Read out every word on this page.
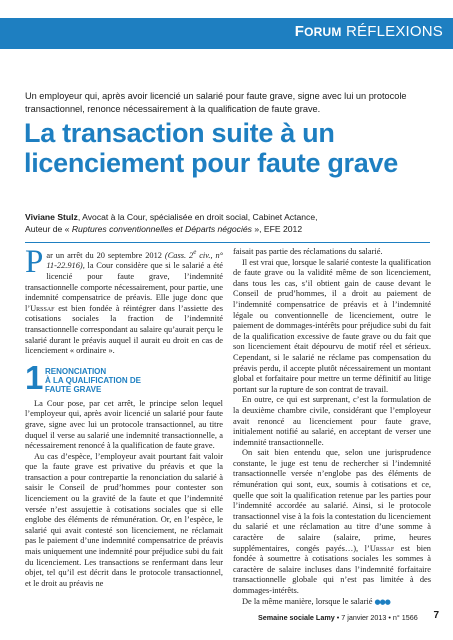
FORUM RÉFLEXIONS
Un employeur qui, après avoir licencié un salarié pour faute grave, signe avec lui un protocole transactionnel, renonce nécessairement à la qualification de faute grave.
La transaction suite à un licenciement pour faute grave
Viviane Stulz, Avocat à la Cour, spécialisée en droit social, Cabinet Actance,
Auteur de « Ruptures conventionnelles et Départs négociés », EFE 2012

Par un arrêt du 20 septembre 2012 (Cass. 2e civ., n° 11-22.916), la Cour considère que si le salarié a été licencié pour faute grave, l’indemnité transactionnelle comporte nécessairement, pour partie, une indemnité compensatrice de préavis. Elle juge donc que l’Urssaf est bien fondée à réintégrer dans l’assiette des cotisations sociales la fraction de l’indemnité transactionnelle correspondant au salaire qu’aurait perçu le salarié durant le préavis auquel il aurait eu droit en cas de licenciement « ordinaire ».

1 RENONCIATION
À LA QUALIFICATION DE
FAUTE GRAVE

La Cour pose, par cet arrêt, le principe selon lequel l’employeur qui, après avoir licencié un salarié pour faute grave, signe avec lui un protocole transactionnel, au titre duquel il verse au salarié une indemnité transactionnelle, a nécessairement renoncé à la qualification de faute grave.

Au cas d’espèce, l’employeur avait pourtant fait valoir que la faute grave est privative du préavis et que la transaction a pour contrepartie la renonciation du salarié à saisir le Conseil de prud’hommes pour contester son licenciement ou la gravité de la faute et que l’indemnité versée n’est assujettie à cotisations sociales que si elle englobe des éléments de rémunération. Or, en l’espèce, le salarié qui avait contesté son licenciement, ne réclamait pas le paiement d’une indemnité compensatrice de préavis mais uniquement une indemnité pour préjudice subi du fait du licenciement. Les transactions se renfermant dans leur objet, tel qu’il est décrit dans le protocole transactionnel, et le droit au préavis ne

faisait pas partie des réclamations du salarié.

Il est vrai que, lorsque le salarié conteste la qualification de faute grave ou la validité même de son licenciement, dans tous les cas, s’il obtient gain de cause devant le Conseil de prud’hommes, il a droit au paiement de l’indemnité compensatrice de préavis et à l’indemnité légale ou conventionnelle de licenciement, outre le paiement de dommages-intérêts pour préjudice subi du fait de la qualification excessive de faute grave ou du fait que son licenciement était dépourvu de motif réel et sérieux. Cependant, si le salarié ne réclame pas compensation du préavis perdu, il accepte plutôt nécessairement un montant global et forfaitaire pour mettre un terme définitif au litige portant sur la rupture de son contrat de travail.

En outre, ce qui est surprenant, c’est la formulation de la deuxième chambre civile, considérant que l’employeur avait renoncé au licenciement pour faute grave, initialement notifié au salarié, en acceptant de verser une indemnité transactionnelle.

On sait bien entendu que, selon une jurisprudence constante, le juge est tenu de rechercher si l’indemnité transactionnelle versée n’englobe pas des éléments de rémunération qui sont, eux, soumis à cotisations et ce, quelle que soit la qualification retenue par les parties pour l’indemnité accordée au salarié. Ainsi, si le protocole transactionnel vise à la fois la contestation du licenciement du salarié et une réclamation au titre d’une somme à caractère de salaire (salaire, prime, heures supplémentaires, congés payés…), l’Urssaf est bien fondée à soumettre à cotisations sociales les sommes à caractère de salaire incluses dans l’indemnité forfaitaire transactionnelle globale qui n’est pas limitée à des dommages-intérêts.

De la même manière, lorsque le salarié ●●●

Semaine sociale Lamy • 7 janvier 2013 • n° 1566 7
